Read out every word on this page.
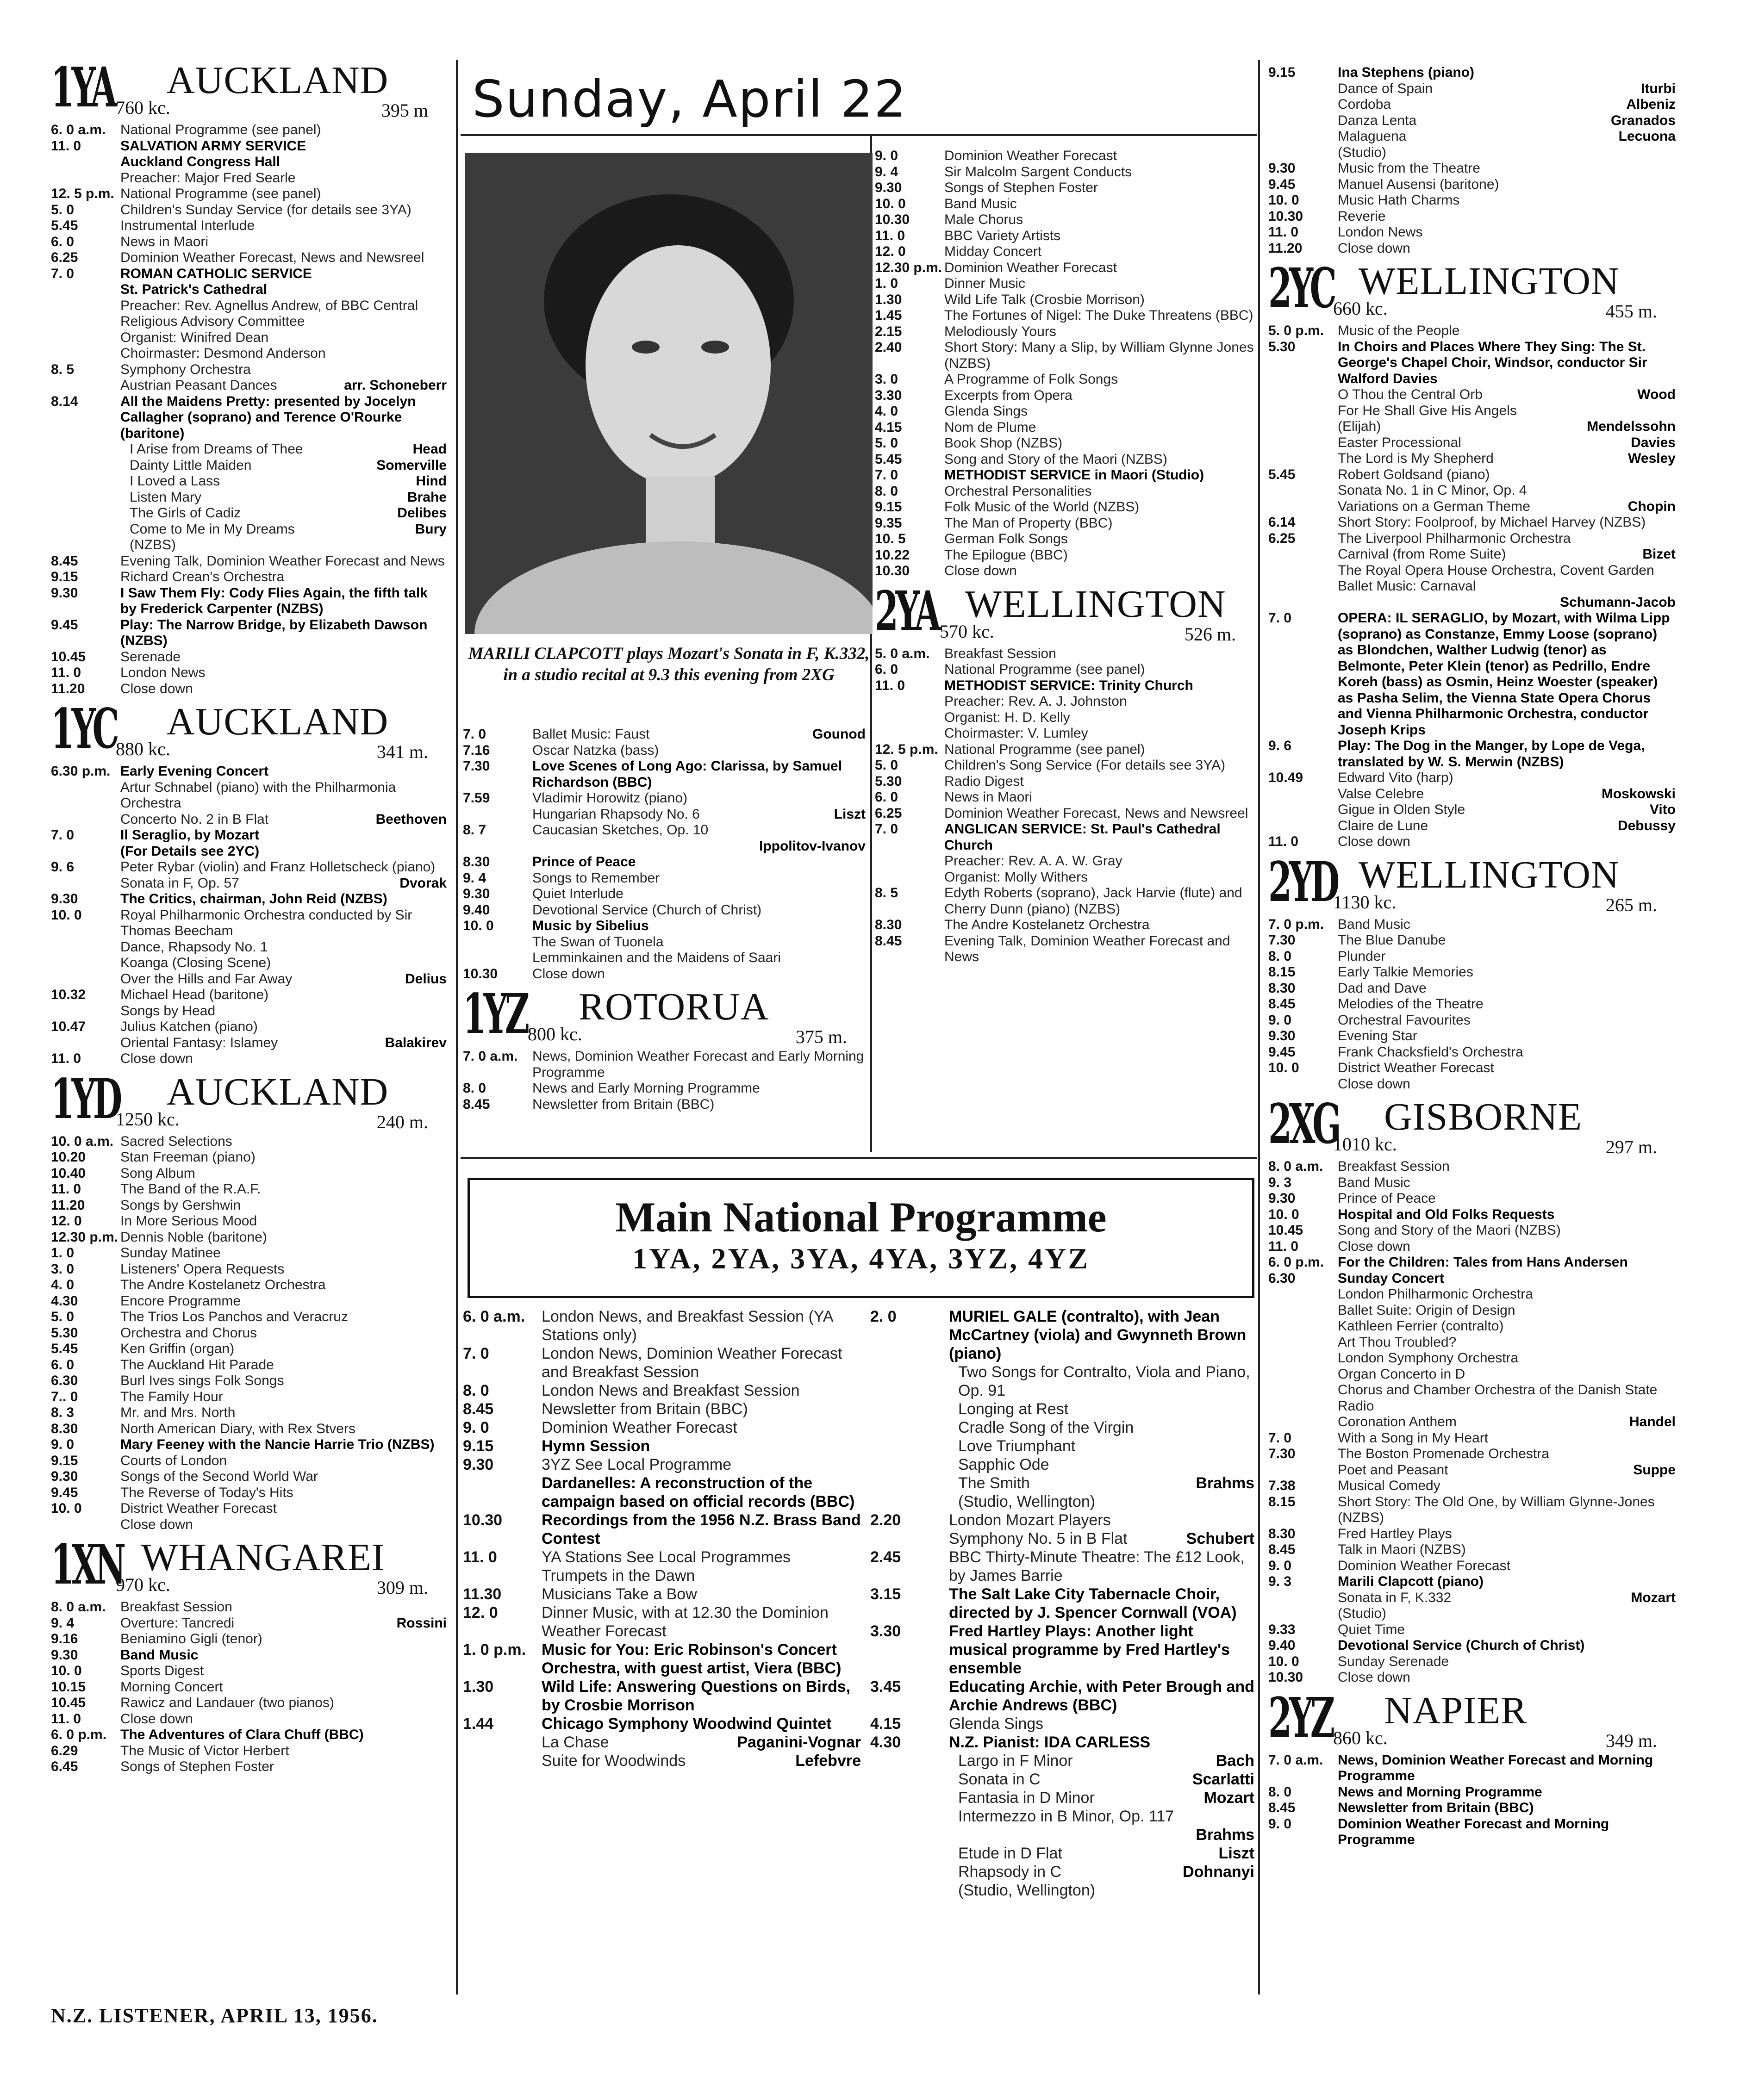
Sunday, April 22
MARILI CLAPCOTT plays Mozart's Sonata in F, K.332, in a studio recital at 9.3 this evening from 2XG
Main National Programme
1YA, 2YA, 3YA, 4YA, 3YZ, 4YZ
1YA AUCKLAND
760 kc.	395 m
6. 0 a.m.	National Programme (see panel)
11. 0	SALVATION ARMY SERVICE
Auckland Congress Hall
Preacher: Major Fred Searle
12. 5 p.m. National Programme (see panel)
5. 0	Children's Sunday Service (for details see 3YA)
5.45	Instrumental Interlude
6. 0	News in Maori
6.25	Dominion Weather Forecast, News and Newsreel
7. 0	ROMAN CATHOLIC SERVICE
St. Patrick's Cathedral
Preacher: Rev. Agnellus Andrew, of BBC Central Religious Advisory Committee
Organist: Winifred Dean
Choirmaster: Desmond Anderson
8. 5	Symphony Orchestra
Austrian Peasant Dances	arr. Schoneberr
8.14	All the Maidens Pretty: presented by Jocelyn Callagher (soprano) and Terence O'Rourke (baritone)
I Arise from Dreams of Thee	Head
Dainty Little Maiden	Somerville
I Loved a Lass	Hind
Listen Mary	Brahe
The Girls of Cadiz	Delibes
Come to Me in My Dreams	Bury
(NZBS)
8.45	Evening Talk, Dominion Weather Forecast and News
9.15	Richard Crean's Orchestra
9.30	I Saw Them Fly: Cody Flies Again, the fifth talk by Frederick Carpenter (NZBS)
9.45	Play: The Narrow Bridge, by Elizabeth Dawson (NZBS)
10.45	Serenade
11. 0	London News
11.20	Close down
1YC AUCKLAND
880 kc.	341 m.
6.30 p.m. Early Evening Concert
Artur Schnabel (piano) with the Philharmonia Orchestra
Concerto No. 2 in B Flat	Beethoven
7. 0	Il Seraglio, by Mozart
(For Details see 2YC)
9. 6	Peter Rybar (violin) and Franz Holletscheck (piano)
Sonata in F, Op. 57	Dvorak
9.30	The Critics, chairman, John Reid (NZBS)
10. 0	Royal Philharmonic Orchestra conducted by Sir Thomas Beecham
Dance, Rhapsody No. 1
Koanga (Closing Scene)
Over the Hills and Far Away	Delius
10.32	Michael Head (baritone)
Songs by Head
10.47	Julius Katchen (piano)
Oriental Fantasy: Islamey	Balakirev
11. 0	Close down
1YD AUCKLAND
1250 kc.	240 m.
10. 0 a.m. Sacred Selections
10.20	Stan Freeman (piano)
10.40	Song Album
11. 0	The Band of the R.A.F.
11.20	Songs by Gershwin
12. 0	In More Serious Mood
12.30 p.m. Dennis Noble (baritone)
1. 0	Sunday Matinee
3. 0	Listeners' Opera Requests
4. 0	The Andre Kostelanetz Orchestra
4.30	Encore Programme
5. 0	The Trios Los Panchos and Veracruz
5.30	Orchestra and Chorus
5.45	Ken Griffin (organ)
6. 0	The Auckland Hit Parade
6.30	Burl Ives sings Folk Songs
7.. 0	The Family Hour
8. 3	Mr. and Mrs. North
8.30	North American Diary, with Rex Stvers
9. 0	Mary Feeney with the Nancie Harrie Trio (NZBS)
9.15	Courts of London
9.30	Songs of the Second World War
9.45	The Reverse of Today's Hits
10. 0	District Weather Forecast
Close down
1XN WHANGAREI
970 kc.	309 m.
8. 0 a.m.	Breakfast Session
9. 4	Overture: Tancredi	Rossini
9.16	Beniamino Gigli (tenor)
9.30	Band Music
10. 0	Sports Digest
10.15	Morning Concert
10.45	Rawicz and Landauer (two pianos)
11. 0	Close down
6. 0 p.m. The Adventures of Clara Chuff (BBC)
6.29	The Music of Victor Herbert
6.45	Songs of Stephen Foster
7. 0	Ballet Music: Faust	Gounod
7.16	Oscar Natzka (bass)
7.30	Love Scenes of Long Ago: Clarissa, by Samuel Richardson (BBC)
7.59	Vladimir Horowitz (piano)
Hungarian Rhapsody No. 6	Liszt
8. 7	Caucasian Sketches, Op. 10
Ippolitov-Ivanov
8.30	Prince of Peace
9. 4	Songs to Remember
9.30	Quiet Interlude
9.40	Devotional Service (Church of Christ)
10. 0	Music by Sibelius
The Swan of Tuonela
Lemminkainen and the Maidens of Saari
10.30	Close down
1YZ ROTORUA
800 kc.	375 m.
7. 0 a.m.	News, Dominion Weather Forecast and Early Morning Programme
8. 0	News and Early Morning Programme
8.45	Newsletter from Britain (BBC)
9. 0	Dominion Weather Forecast
9. 4	Sir Malcolm Sargent Conducts
9.30	Songs of Stephen Foster
10. 0	Band Music
10.30	Male Chorus
11. 0	BBC Variety Artists
12. 0	Midday Concert
12.30 p.m. Dominion Weather Forecast
1. 0	Dinner Music
1.30	Wild Life Talk (Crosbie Morrison)
1.45	The Fortunes of Nigel: The Duke Threatens (BBC)
2.15	Melodiously Yours
2.40	Short Story: Many a Slip, by William Glynne Jones (NZBS)
3. 0	A Programme of Folk Songs
3.30	Excerpts from Opera
4. 0	Glenda Sings
4.15	Nom de Plume
5. 0	Book Shop (NZBS)
5.45	Song and Story of the Maori (NZBS)
7. 0	METHODIST SERVICE in Maori (Studio)
8. 0	Orchestral Personalities
9.15	Folk Music of the World (NZBS)
9.35	The Man of Property (BBC)
10. 5	German Folk Songs
10.22	The Epilogue (BBC)
10.30	Close down
2YA WELLINGTON
570 kc.	526 m.
5. 0 a.m.	Breakfast Session
6. 0	National Programme (see panel)
11. 0	METHODIST SERVICE: Trinity Church
Preacher: Rev. A. J. Johnston
Organist: H. D. Kelly
Choirmaster: V. Lumley
12. 5 p.m. National Programme (see panel)
5. 0	Children's Song Service (For details see 3YA)
5.30	Radio Digest
6. 0	News in Maori
6.25	Dominion Weather Forecast, News and Newsreel
7. 0	ANGLICAN SERVICE: St. Paul's Cathedral Church
Preacher: Rev. A. A. W. Gray
Organist: Molly Withers
8. 5	Edyth Roberts (soprano), Jack Harvie (flute) and Cherry Dunn (piano) (NZBS)
8.30	The Andre Kostelanetz Orchestra
8.45	Evening Talk, Dominion Weather Forecast and News
6. 0 a.m.	London News, and Breakfast Session (YA Stations only)
7. 0	London News, Dominion Weather Forecast and Breakfast Session
8. 0	London News and Breakfast Session
8.45	Newsletter from Britain (BBC)
9. 0	Dominion Weather Forecast
9.15	Hymn Session
9.30	3YZ See Local Programme
Dardanelles: A reconstruction of the campaign based on official records (BBC)
10.30	Recordings from the 1956 N.Z. Brass Band Contest
11. 0	YA Stations See Local Programmes
Trumpets in the Dawn
11.30	Musicians Take a Bow
12. 0	Dinner Music, with at 12.30 the Dominion Weather Forecast
1. 0 p.m. Music for You: Eric Robinson's Concert Orchestra, with guest artist, Viera (BBC)
1.30	Wild Life: Answering Questions on Birds, by Crosbie Morrison
1.44	Chicago Symphony Woodwind Quintet
La Chase	Paganini-Vognar
Suite for Woodwinds	Lefebvre
2. 0	MURIEL GALE (contralto), with Jean McCartney (viola) and Gwynneth Brown (piano)
Two Songs for Contralto, Viola and Piano, Op. 91
Longing at Rest
Cradle Song of the Virgin
Love Triumphant
Sapphic Ode
The Smith	Brahms
(Studio, Wellington)
2.20	London Mozart Players
Symphony No. 5 in B Flat	Schubert
2.45	BBC Thirty-Minute Theatre: The £12 Look, by James Barrie
3.15	The Salt Lake City Tabernacle Choir, directed by J. Spencer Cornwall (VOA)
3.30	Fred Hartley Plays: Another light musical programme by Fred Hartley's ensemble
3.45	Educating Archie, with Peter Brough and Archie Andrews (BBC)
4.15	Glenda Sings
4.30	N.Z. Pianist: IDA CARLESS
Largo in F Minor	Bach
Sonata in C	Scarlatti
Fantasia in D Minor	Mozart
Intermezzo in B Minor, Op. 117
Brahms
Etude in D Flat	Liszt
Rhapsody in C	Dohnanyi
(Studio, Wellington)
9.15	Ina Stephens (piano)
Dance of Spain	Iturbi
Cordoba	Albeniz
Danza Lenta	Granados
Malaguena	Lecuona
(Studio)
9.30	Music from the Theatre
9.45	Manuel Ausensi (baritone)
10. 0	Music Hath Charms
10.30	Reverie
11. 0	London News
11.20	Close down
2YC WELLINGTON
660 kc.	455 m.
5. 0 p.m. Music of the People
5.30	In Choirs and Places Where They Sing: The St. George's Chapel Choir, Windsor, conductor Sir Walford Davies
O Thou the Central Orb	Wood
For He Shall Give His Angels
(Elijah)	Mendelssohn
Easter Processional	Davies
The Lord is My Shepherd	Wesley
5.45	Robert Goldsand (piano)
Sonata No. 1 in C Minor, Op. 4
Variations on a German Theme	Chopin
6.14	Short Story: Foolproof, by Michael Harvey (NZBS)
6.25	The Liverpool Philharmonic Orchestra
Carnival (from Rome Suite)	Bizet
The Royal Opera House Orchestra, Covent Garden
Ballet Music: Carnaval
Schumann-Jacob
7. 0	OPERA: IL SERAGLIO, by Mozart, with Wilma Lipp (soprano) as Constanze, Emmy Loose (soprano) as Blondchen, Walther Ludwig (tenor) as Belmonte, Peter Klein (tenor) as Pedrillo, Endre Koreh (bass) as Osmin, Heinz Woester (speaker) as Pasha Selim, the Vienna State Opera Chorus and Vienna Philharmonic Orchestra, conductor Joseph Krips
9. 6	Play: The Dog in the Manger, by Lope de Vega, translated by W. S. Merwin (NZBS)
10.49	Edward Vito (harp)
Valse Celebre	Moskowski
Gigue in Olden Style	Vito
Claire de Lune	Debussy
11. 0	Close down
2YD WELLINGTON
1130 kc.	265 m.
7. 0 p.m. Band Music
7.30	The Blue Danube
8. 0	Plunder
8.15	Early Talkie Memories
8.30	Dad and Dave
8.45	Melodies of the Theatre
9. 0	Orchestral Favourites
9.30	Evening Star
9.45	Frank Chacksfield's Orchestra
10. 0	District Weather Forecast
Close down
2XG GISBORNE
1010 kc.	297 m.
8. 0 a.m.	Breakfast Session
9. 3	Band Music
9.30	Prince of Peace
10. 0	Hospital and Old Folks Requests
10.45	Song and Story of the Maori (NZBS)
11. 0	Close down
6. 0 p.m. For the Children: Tales from Hans Andersen
6.30	Sunday Concert
London Philharmonic Orchestra
Ballet Suite: Origin of Design
Kathleen Ferrier (contralto)
Art Thou Troubled?
London Symphony Orchestra
Organ Concerto in D
Chorus and Chamber Orchestra of the Danish State Radio
Coronation Anthem	Handel
7. 0	With a Song in My Heart
7.30	The Boston Promenade Orchestra
Poet and Peasant	Suppe
7.38	Musical Comedy
8.15	Short Story: The Old One, by William Glynne-Jones (NZBS)
8.30	Fred Hartley Plays
8.45	Talk in Maori (NZBS)
9. 0	Dominion Weather Forecast
9. 3	Marili Clapcott (piano)
Sonata in F, K.332	Mozart
(Studio)
9.33	Quiet Time
9.40	Devotional Service (Church of Christ)
10. 0	Sunday Serenade
10.30	Close down
2YZ NAPIER
860 kc.	349 m.
7. 0 a.m.	News, Dominion Weather Forecast and Morning Programme
8. 0	News and Morning Programme
8.45	Newsletter from Britain (BBC)
9. 0	Dominion Weather Forecast and Morning Programme
N.Z. LISTENER, APRIL 13, 1956.
